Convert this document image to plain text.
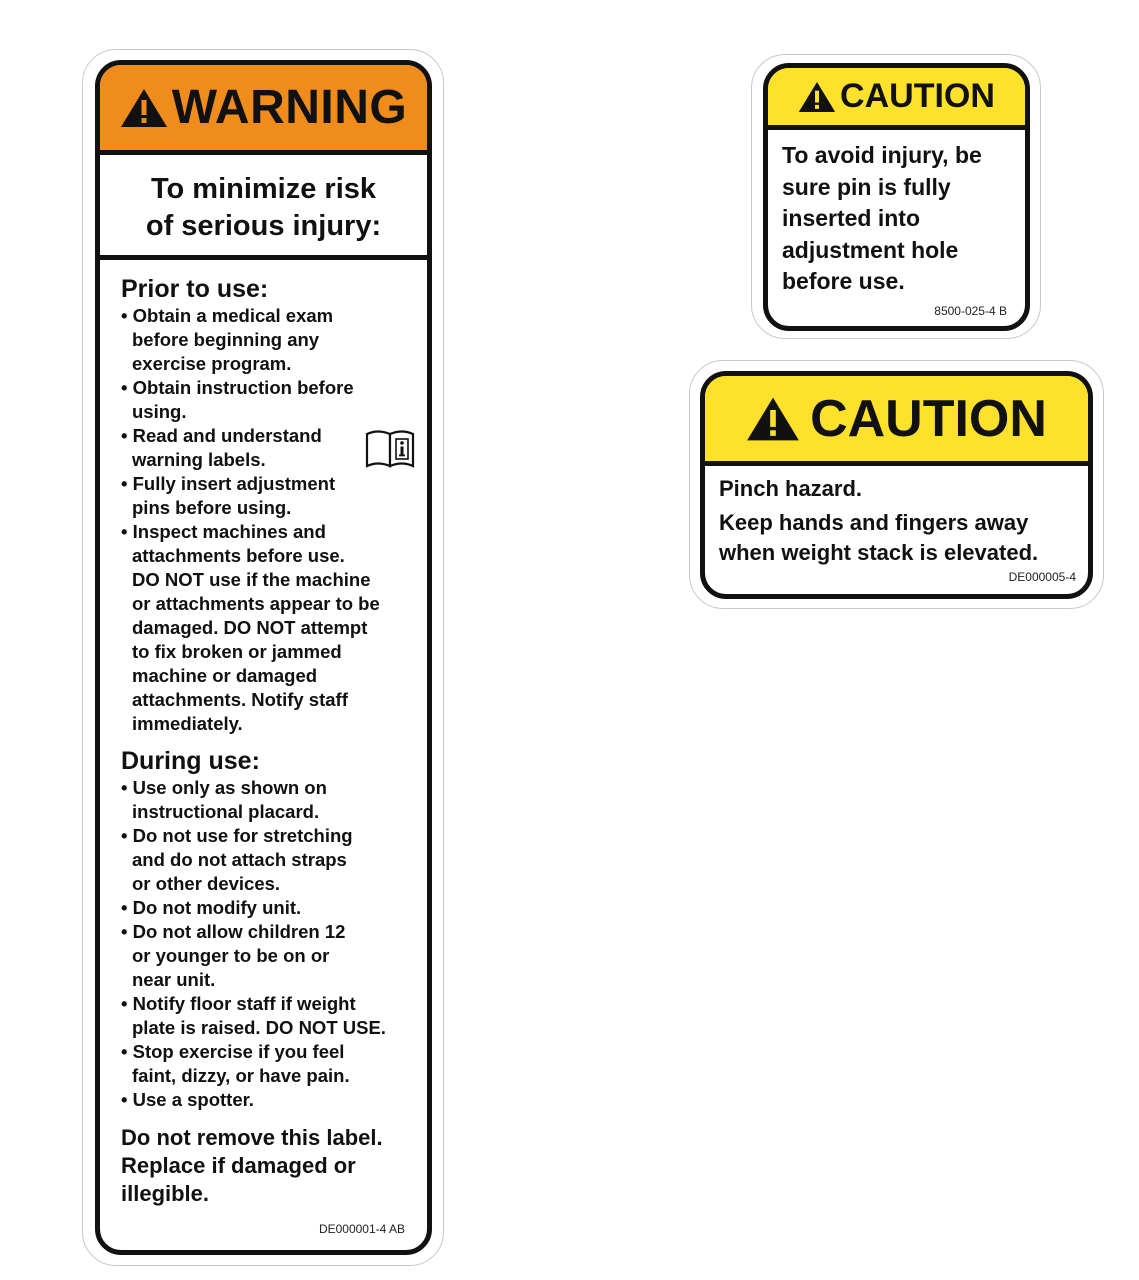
WARNING
To minimize risk
of serious injury:

Prior to use:

• Obtain a medical exam
before beginning any
exercise program.
• Obtain instruction before
using.
• Read and understand
warning labels.
• Fully insert adjustment
pins before using.
• Inspect machines and
attachments before use.
DO NOT use if the machine
or attachments appear to be
damaged. DO NOT attempt
to fix broken or jammed
machine or damaged
attachments. Notify staff
immediately.

During use:

• Use only as shown on
instructional placard.
• Do not use for stretching
and do not attach straps
or other devices.
• Do not modify unit.
• Do not allow children 12
or younger to be on or
near unit.
• Notify floor staff if weight
plate is raised. DO NOT USE.
• Stop exercise if you feel
faint, dizzy, or have pain.
• Use a spotter.
Do not remove this label.
Replace if damaged or
illegible.
DE000001-4 AB
CAUTION
To avoid injury, be
sure pin is fully
inserted into
adjustment hole
before use.
8500-025-4 B
CAUTION
Pinch hazard.
Keep hands and fingers away
when weight stack is elevated.
DE000005-4
